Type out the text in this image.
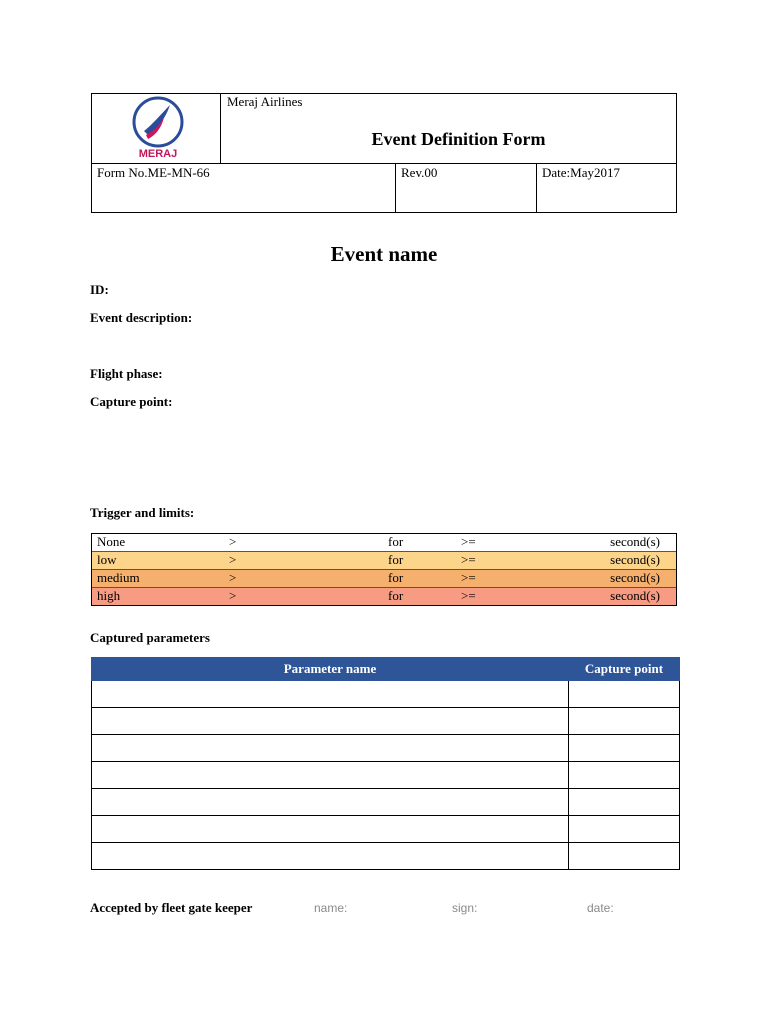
MERAJ
Meraj Airlines
Event Definition Form
Form No.ME-MN-66	Rev.00	Date:May2017
Event name
ID:
Event description:
Flight phase:
Capture point:
Trigger and limits:
None	>	for	>=	second(s)
low	>	for	>=	second(s)
medium	>	for	>=	second(s)
high	>	for	>=	second(s)
Captured parameters
Parameter name	Capture point

Accepted by fleet gate keeper	name:	sign:	date:
